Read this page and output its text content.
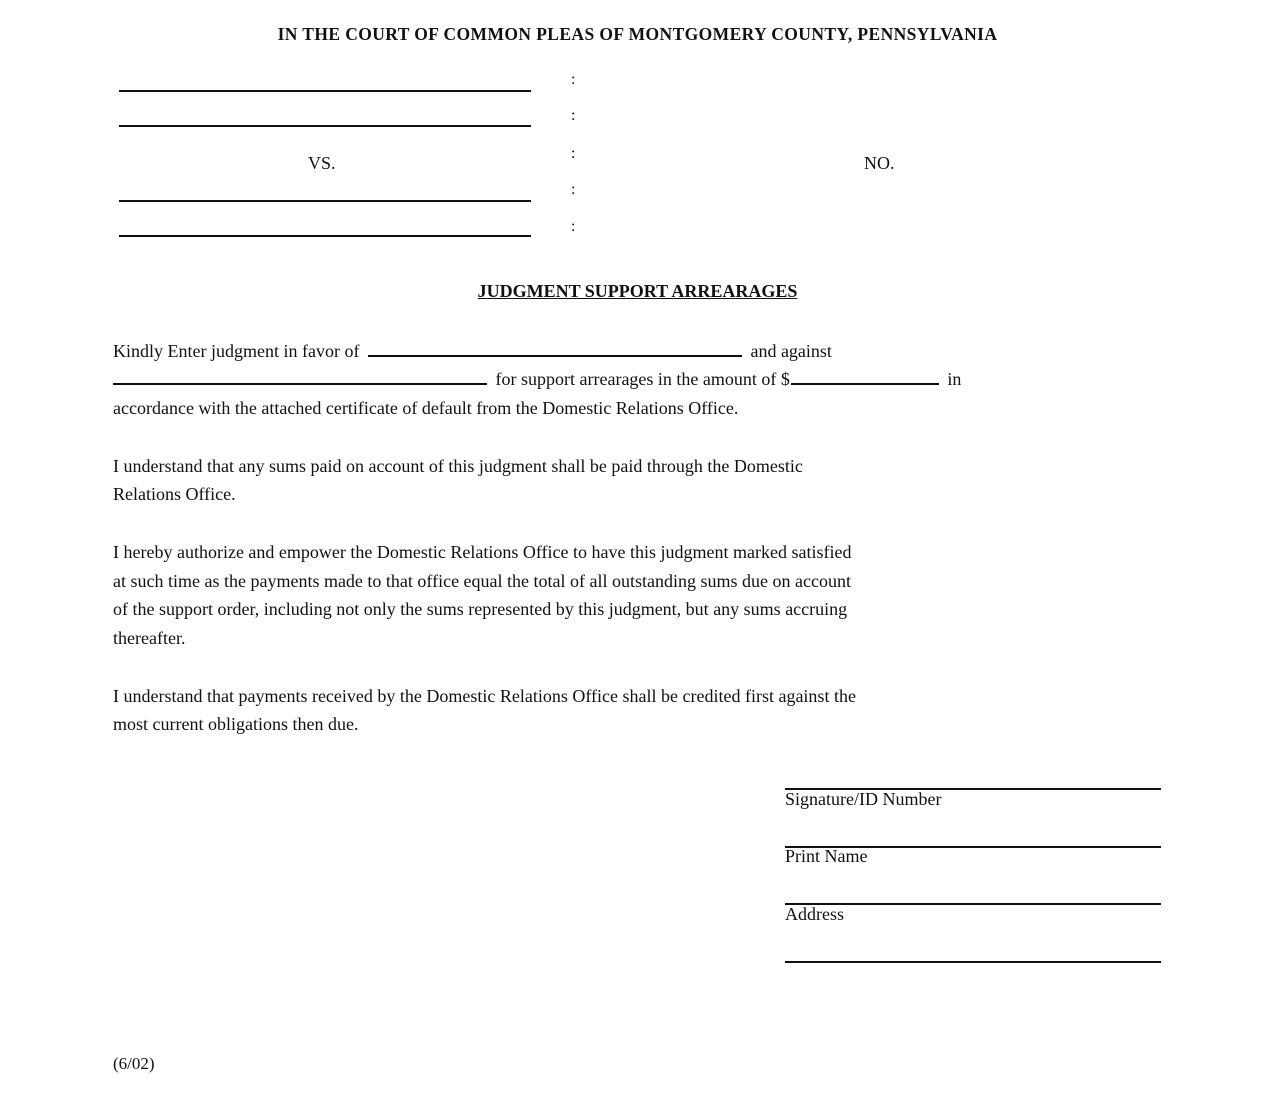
IN THE COURT OF COMMON PLEAS OF MONTGOMERY COUNTY, PENNSYLVANIA
:
:
:
:
:
VS.	NO.
JUDGMENT SUPPORT ARREARAGES
Kindly Enter judgment in favor of	and against
for support arrearages in the amount of $	in
accordance with the attached certificate of default from the Domestic Relations Office.
I understand that any sums paid on account of this judgment shall be paid through the Domestic
Relations Office.
I hereby authorize and empower the Domestic Relations Office to have this judgment marked satisfied
at such time as the payments made to that office equal the total of all outstanding sums due on account
of the support order, including not only the sums represented by this judgment, but any sums accruing
thereafter.
I understand that payments received by the Domestic Relations Office shall be credited first against the
most current obligations then due.
Signature/ID Number
Print Name
Address
(6/02)
